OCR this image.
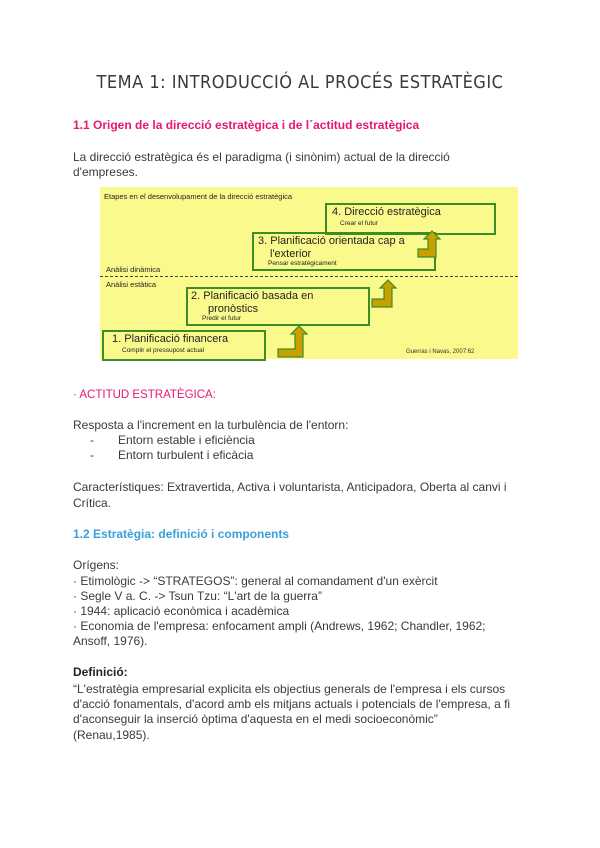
TEMA 1: INTRODUCCIÓ AL PROCÉS ESTRATÈGIC
1.1 Origen de la direcció estratègica i de l´actitud estratègica
La direcció estratègica és el paradigma (i sinònim) actual de la direcció
d'empreses.
Etapes en el desenvolupament de la direcció estratègica
4. Direcció estratègica
Crear el futur
3. Planificació orientada cap a
l'exterior
Pensar estratègicament
Anàlisi dinàmica
Anàlisi estàtica
2. Planificació basada en
pronòstics
Predir el futur
1. Planificació financera
Complir el pressupost actual	Guerras i Navas, 2007:62
· ACTITUD ESTRATÈGICA:
Resposta a l'increment en la turbulència de l'entorn:
- Entorn estable i eficiència
- Entorn turbulent i eficàcia
Característiques: Extravertida, Activa i voluntarista, Anticipadora, Oberta al canvi i
Crítica.
1.2 Estratègia: definició i components
Orígens:
· Etimològic -> “STRATEGOS”: general al comandament d'un exèrcit
· Segle V a. C. -> Tsun Tzu: “L'art de la guerra”
· 1944: aplicació econòmica i acadèmica
· Economia de l'empresa: enfocament ampli (Andrews, 1962; Chandler, 1962;
Ansoff, 1976).
Definició:
“L'estratègia empresarial explicita els objectius generals de l'empresa i els cursos
d'acció fonamentals, d'acord amb els mitjans actuals i potencials de l'empresa, a fi
d'aconseguir la inserció òptima d'aquesta en el medi socioeconòmic”
(Renau,1985).
